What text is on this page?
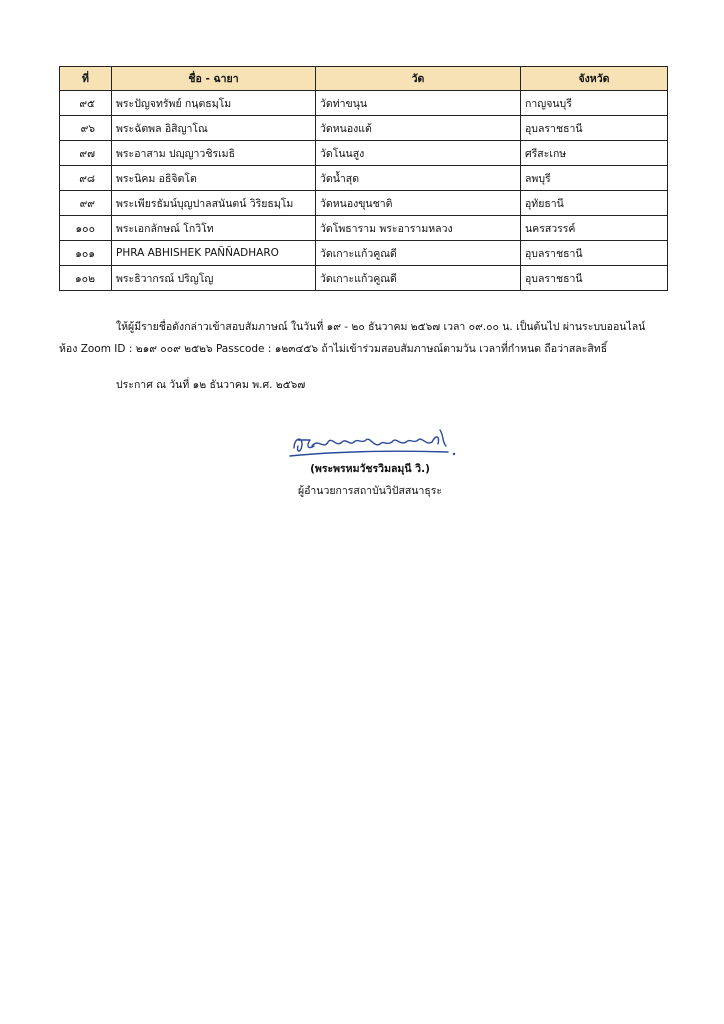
ที่	ชื่อ - ฉายา	วัด	จังหวัด
๙๕	พระปัญจทรัพย์ กนฺตธมฺโม	วัดท่าขนุน	กาญจนบุรี
๙๖	พระฉัตพล อิสิญาโณ	วัดหนองแต้	อุบลราชธานี
๙๗	พระอาสาม ปญฺญาวชิรเมธิ	วัดโนนสูง	ศรีสะเกษ
๙๘	พระนิคม อธิจิตโต	วัดน้ำสุด	ลพบุรี
๙๙	พระเพียรธัมน์บุญปาลสนันตน์ วิริยธมฺโม	วัดหนองขุนชาติ	อุทัยธานี
๑๐๐	พระเอกลักษณ์ โกวิโท	วัดโพธาราม พระอารามหลวง	นครสวรรค์
๑๐๑	PHRA ABHISHEK PAÑÑADHARO	วัดเกาะแก้วคูณดี	อุบลราชธานี
๑๐๒	พระธิวากรณ์ ปริญโญ	วัดเกาะแก้วคูณดี	อุบลราชธานี
ให้ผู้มีรายชื่อดังกล่าวเข้าสอบสัมภาษณ์ ในวันที่ ๑๙ - ๒๐ ธันวาคม ๒๕๖๗ เวลา ๐๙.๐๐ น. เป็นต้นไป ผ่านระบบออนไลน์
ห้อง Zoom ID : ๒๑๙ ๐๐๙ ๒๕๒๖ Passcode : ๑๒๓๔๕๖ ถ้าไม่เข้าร่วมสอบสัมภาษณ์ตามวัน เวลาที่กำหนด ถือว่าสละสิทธิ์
ประกาศ ณ วันที่ ๑๒ ธันวาคม พ.ศ. ๒๕๖๗
(พระพรหมวัชรวิมลมุนี วิ.)
ผู้อำนวยการสถาบันวิปัสสนาธุระ
